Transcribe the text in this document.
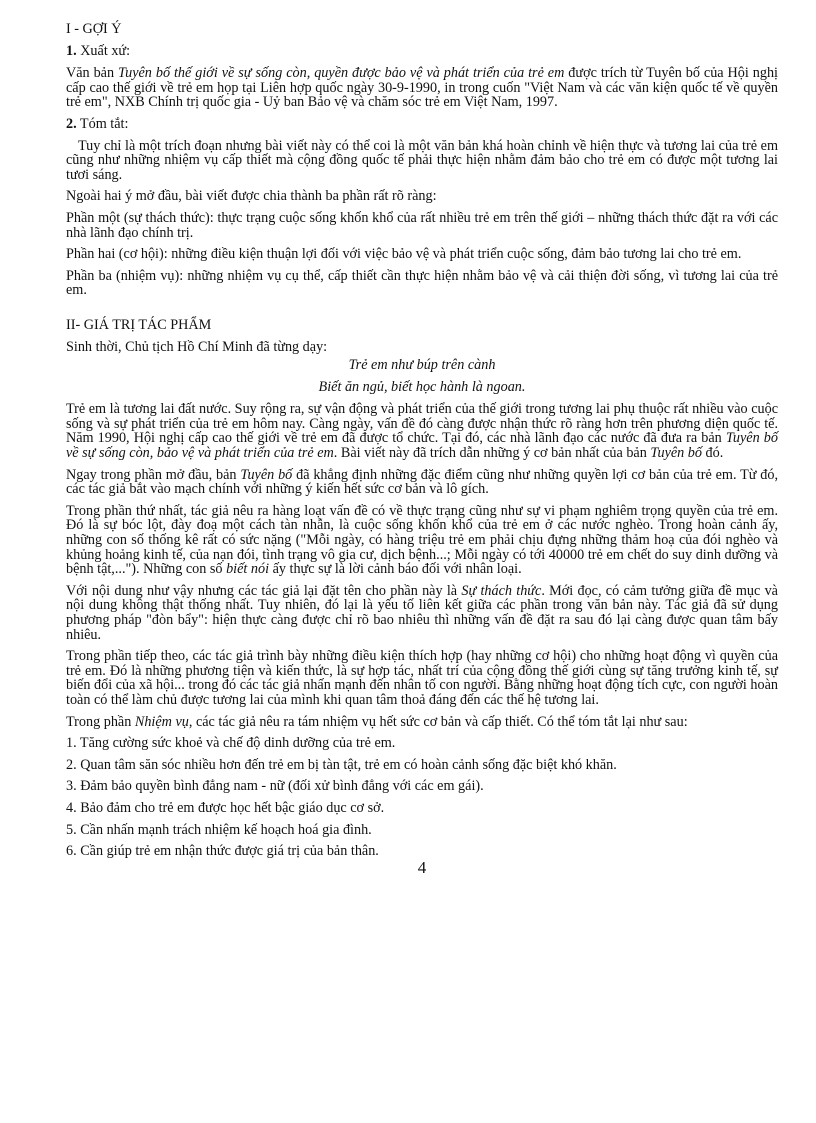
I - GỢI Ý

1. Xuất xứ:

Văn bản Tuyên bố thế giới về sự sống còn, quyền được bảo vệ và phát triển của trẻ em được trích từ Tuyên bố của Hội nghị cấp cao thế giới về trẻ em họp tại Liên hợp quốc ngày 30-9-1990, in trong cuốn "Việt Nam và các văn kiện quốc tế về quyền trẻ em", NXB Chính trị quốc gia - Uỷ ban Bảo vệ và chăm sóc trẻ em Việt Nam, 1997.

2. Tóm tắt:

Tuy chỉ là một trích đoạn nhưng bài viết này có thể coi là một văn bản khá hoàn chỉnh về hiện thực và tương lai của trẻ em cũng như những nhiệm vụ cấp thiết mà cộng đồng quốc tế phải thực hiện nhằm đảm bảo cho trẻ em có được một tương lai tươi sáng.

Ngoài hai ý mở đầu, bài viết được chia thành ba phần rất rõ ràng:

Phần một (sự thách thức): thực trạng cuộc sống khốn khổ của rất nhiều trẻ em trên thế giới – những thách thức đặt ra với các nhà lãnh đạo chính trị.

Phần hai (cơ hội): những điều kiện thuận lợi đối với việc bảo vệ và phát triển cuộc sống, đảm bảo tương lai cho trẻ em.

Phần ba (nhiệm vụ): những nhiệm vụ cụ thể, cấp thiết cần thực hiện nhằm bảo vệ và cải thiện đời sống, vì tương lai của trẻ em.

II- GIÁ TRỊ TÁC PHẨM

Sinh thời, Chủ tịch Hồ Chí Minh đã từng dạy:

Trẻ em như búp trên cành

Biết ăn ngủ, biết học hành là ngoan.

Trẻ em là tương lai đất nước. Suy rộng ra, sự vận động và phát triển của thế giới trong tương lai phụ thuộc rất nhiều vào cuộc sống và sự phát triển của trẻ em hôm nay. Càng ngày, vấn đề đó càng được nhận thức rõ ràng hơn trên phương diện quốc tế. Năm 1990, Hội nghị cấp cao thế giới về trẻ em đã được tổ chức. Tại đó, các nhà lãnh đạo các nước đã đưa ra bản Tuyên bố về sự sống còn, bảo vệ và phát triển của trẻ em. Bài viết này đã trích dẫn những ý cơ bản nhất của bản Tuyên bố đó.

Ngay trong phần mở đầu, bản Tuyên bố đã khẳng định những đặc điểm cũng như những quyền lợi cơ bản của trẻ em. Từ đó, các tác giả bắt vào mạch chính với những ý kiến hết sức cơ bản và lô gích.

Trong phần thứ nhất, tác giả nêu ra hàng loạt vấn đề có về thực trạng cũng như sự vi phạm nghiêm trọng quyền của trẻ em. Đó là sự bóc lột, đày đoạ một cách tàn nhẫn, là cuộc sống khốn khổ của trẻ em ở các nước nghèo. Trong hoàn cảnh ấy, những con số thống kê rất có sức nặng ("Mỗi ngày, có hàng triệu trẻ em phải chịu đựng những thảm hoạ của đói nghèo và khủng hoảng kinh tế, của nạn đói, tình trạng vô gia cư, dịch bệnh...; Mỗi ngày có tới 40000 trẻ em chết do suy dinh dưỡng và bệnh tật,..."). Những con số biết nói ấy thực sự là lời cảnh báo đối với nhân loại.

Với nội dung như vậy nhưng các tác giả lại đặt tên cho phần này là Sự thách thức. Mới đọc, có cảm tưởng giữa đề mục và nội dung không thật thống nhất. Tuy nhiên, đó lại là yếu tố liên kết giữa các phần trong văn bản này. Tác giả đã sử dụng phương pháp "đòn bẩy": hiện thực càng được chỉ rõ bao nhiêu thì những vấn đề đặt ra sau đó lại càng được quan tâm bấy nhiêu.

Trong phần tiếp theo, các tác giả trình bày những điều kiện thích hợp (hay những cơ hội) cho những hoạt động vì quyền của trẻ em. Đó là những phương tiện và kiến thức, là sự hợp tác, nhất trí của cộng đồng thế giới cùng sự tăng trưởng kinh tế, sự biến đổi của xã hội... trong đó các tác giả nhấn mạnh đến nhân tố con người. Bằng những hoạt động tích cực, con người hoàn toàn có thể làm chủ được tương lai của mình khi quan tâm thoả đáng đến các thế hệ tương lai.

Trong phần Nhiệm vụ, các tác giả nêu ra tám nhiệm vụ hết sức cơ bản và cấp thiết. Có thể tóm tắt lại như sau:

1. Tăng cường sức khoẻ và chế độ dinh dưỡng của trẻ em.

2. Quan tâm săn sóc nhiều hơn đến trẻ em bị tàn tật, trẻ em có hoàn cảnh sống đặc biệt khó khăn.

3. Đảm bảo quyền bình đẳng nam - nữ (đối xử bình đẳng với các em gái).

4. Bảo đảm cho trẻ em được học hết bậc giáo dục cơ sở.

5. Cần nhấn mạnh trách nhiệm kế hoạch hoá gia đình.

6. Cần giúp trẻ em nhận thức được giá trị của bản thân.

4
